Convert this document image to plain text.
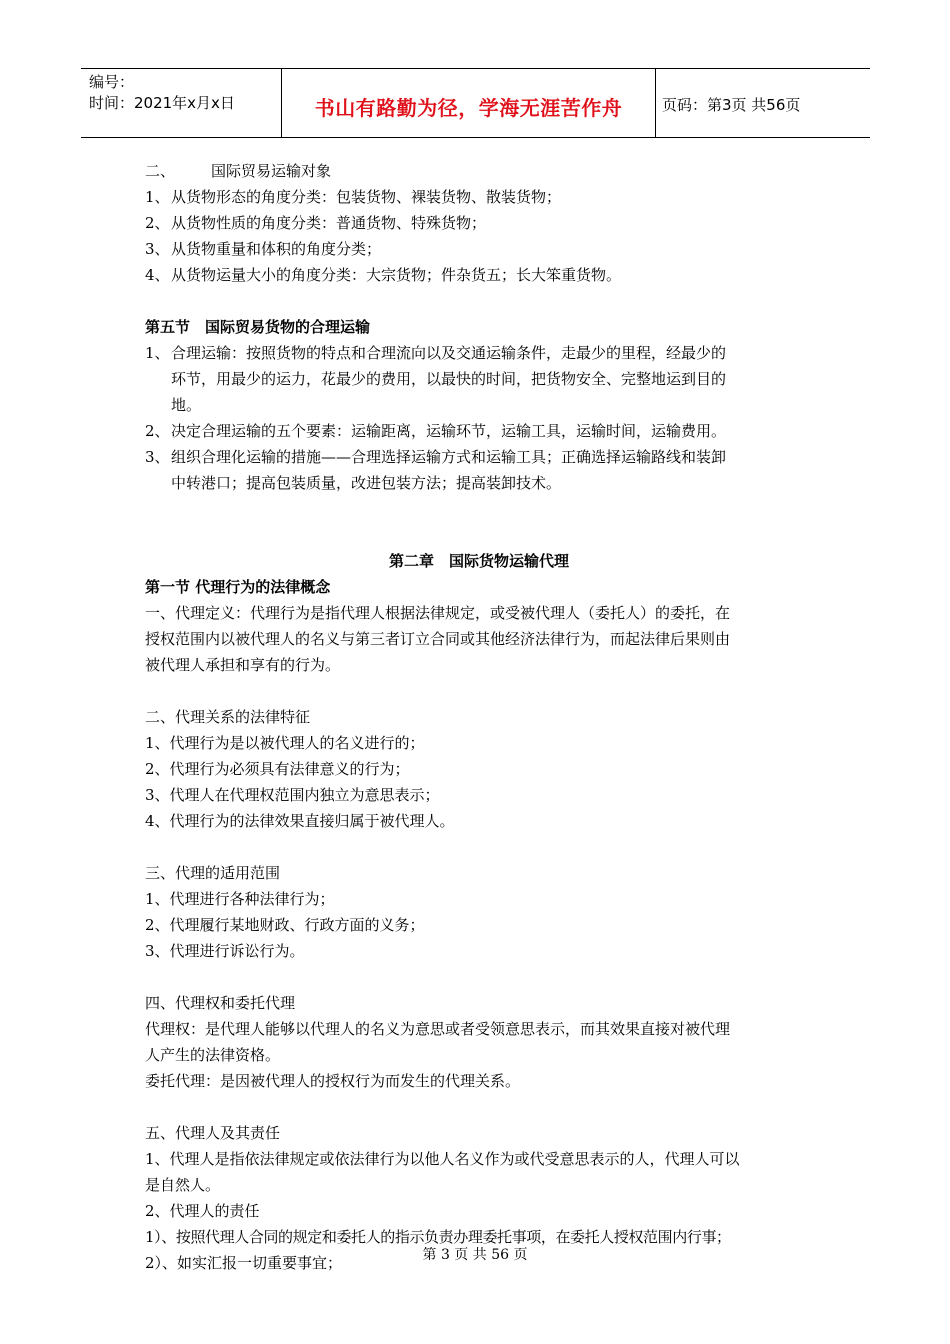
编号：
时间：2021年x月x日	书山有路勤为径，学海无涯苦作舟	页码：第3页 共56页

二、 国际贸易运输对象

1、 从货物形态的角度分类：包装货物、裸装货物、散装货物；

2、 从货物性质的角度分类：普通货物、特殊货物；

3、 从货物重量和体积的角度分类；

4、 从货物运量大小的角度分类：大宗货物；件杂货五；长大笨重货物。

第五节　国际贸易货物的合理运输

1、 合理运输：按照货物的特点和合理流向以及交通运输条件，走最少的里程，经最少的

环节，用最少的运力，花最少的费用，以最快的时间，把货物安全、完整地运到目的

地。

2、 决定合理运输的五个要素：运输距离，运输环节，运输工具，运输时间，运输费用。

3、 组织合理化运输的措施——合理选择运输方式和运输工具；正确选择运输路线和装卸

中转港口；提高包装质量，改进包装方法；提高装卸技术。

第二章　国际货物运输代理

第一节 代理行为的法律概念

一、代理定义：代理行为是指代理人根据法律规定，或受被代理人（委托人）的委托，在

授权范围内以被代理人的名义与第三者订立合同或其他经济法律行为，而起法律后果则由

被代理人承担和享有的行为。

二、代理关系的法律特征

1、代理行为是以被代理人的名义进行的；

2、代理行为必须具有法律意义的行为；

3、代理人在代理权范围内独立为意思表示；

4、代理行为的法律效果直接归属于被代理人。

三、代理的适用范围

1、代理进行各种法律行为；

2、代理履行某地财政、行政方面的义务；

3、代理进行诉讼行为。

四、代理权和委托代理

代理权：是代理人能够以代理人的名义为意思或者受领意思表示，而其效果直接对被代理

人产生的法律资格。

委托代理：是因被代理人的授权行为而发生的代理关系。

五、代理人及其责任

1、代理人是指依法律规定或依法律行为以他人名义作为或代受意思表示的人，代理人可以

是自然人。

2、代理人的责任

1）、按照代理人合同的规定和委托人的指示负责办理委托事项，在委托人授权范围内行事；

2）、如实汇报一切重要事宜；	第 3 页 共 56 页
